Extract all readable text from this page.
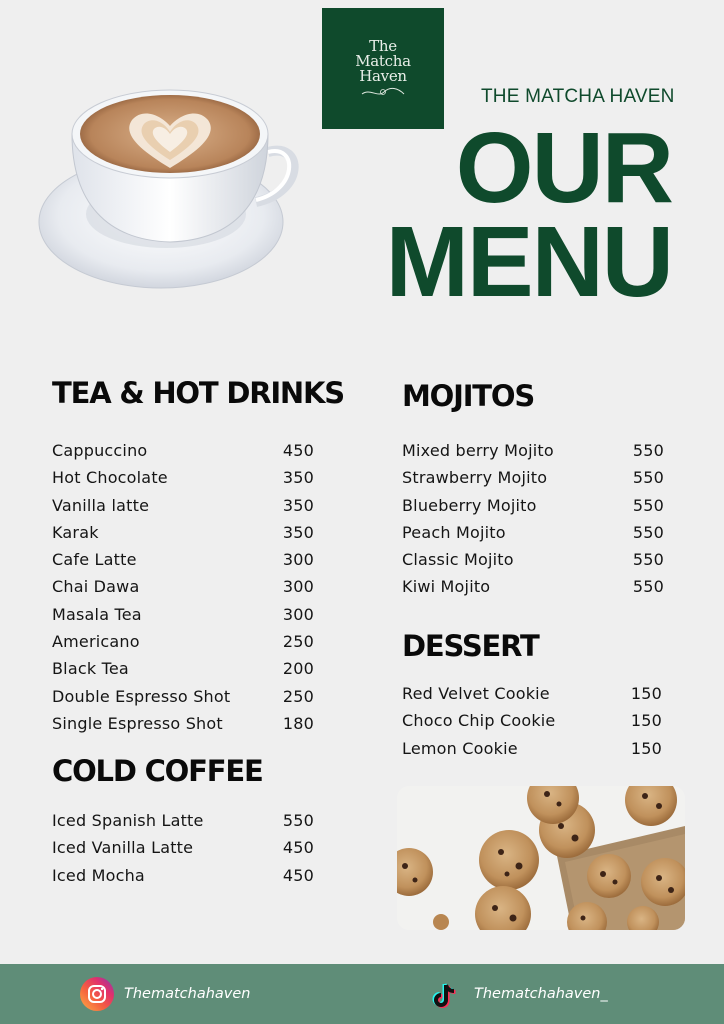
The
Matcha
Haven
THE MATCHA HAVEN
OUR
MENU
TEA & HOT DRINKS
Cappuccino	450
Hot Chocolate	350
Vanilla latte	350
Karak	350
Cafe Latte	300
Chai Dawa	300
Masala Tea	300
Americano	250
Black Tea	200
Double Espresso Shot	250
Single Espresso Shot	180
COLD COFFEE
Iced Spanish Latte	550
Iced Vanilla Latte	450
Iced Mocha	450
MOJITOS
Mixed berry Mojito	550
Strawberry Mojito	550
Blueberry Mojito	550
Peach Mojito	550
Classic Mojito	550
Kiwi Mojito	550
DESSERT
Red Velvet Cookie	150
Choco Chip Cookie	150
Lemon Cookie	150
Thematchahaven	Thematchahaven_
